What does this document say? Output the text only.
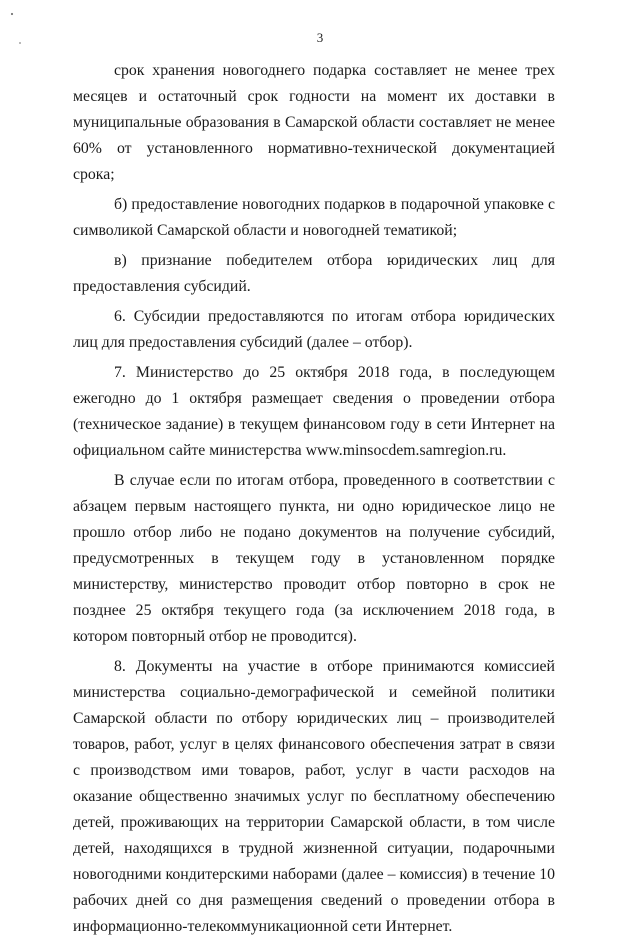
3

срок хранения новогоднего подарка составляет не менее трех месяцев и остаточный срок годности на момент их доставки в муниципальные образования в Самарской области составляет не менее 60% от установленного нормативно-технической документацией срока;

б) предоставление новогодних подарков в подарочной упаковке с символикой Самарской области и новогодней тематикой;

в) признание победителем отбора юридических лиц для предоставления субсидий.

6. Субсидии предоставляются по итогам отбора юридических лиц для предоставления субсидий (далее – отбор).

7. Министерство до 25 октября 2018 года, в последующем ежегодно до 1 октября размещает сведения о проведении отбора (техническое задание) в текущем финансовом году в сети Интернет на официальном сайте министерства www.minsocdem.samregion.ru.

В случае если по итогам отбора, проведенного в соответствии с абзацем первым настоящего пункта, ни одно юридическое лицо не прошло отбор либо не подано документов на получение субсидий, предусмотренных в текущем году в установленном порядке министерству, министерство проводит отбор повторно в срок не позднее 25 октября текущего года (за исключением 2018 года, в котором повторный отбор не проводится).

8. Документы на участие в отборе принимаются комиссией министерства социально-демографической и семейной политики Самарской области по отбору юридических лиц – производителей товаров, работ, услуг в целях финансового обеспечения затрат в связи с производством ими товаров, работ, услуг в части расходов на оказание общественно значимых услуг по бесплатному обеспечению детей, проживающих на территории Самарской области, в том числе детей, находящихся в трудной жизненной ситуации, подарочными новогодними кондитерскими наборами (далее – комиссия) в течение 10 рабочих дней со дня размещения сведений о проведении отбора в информационно-телекоммуникационной сети Интернет.
